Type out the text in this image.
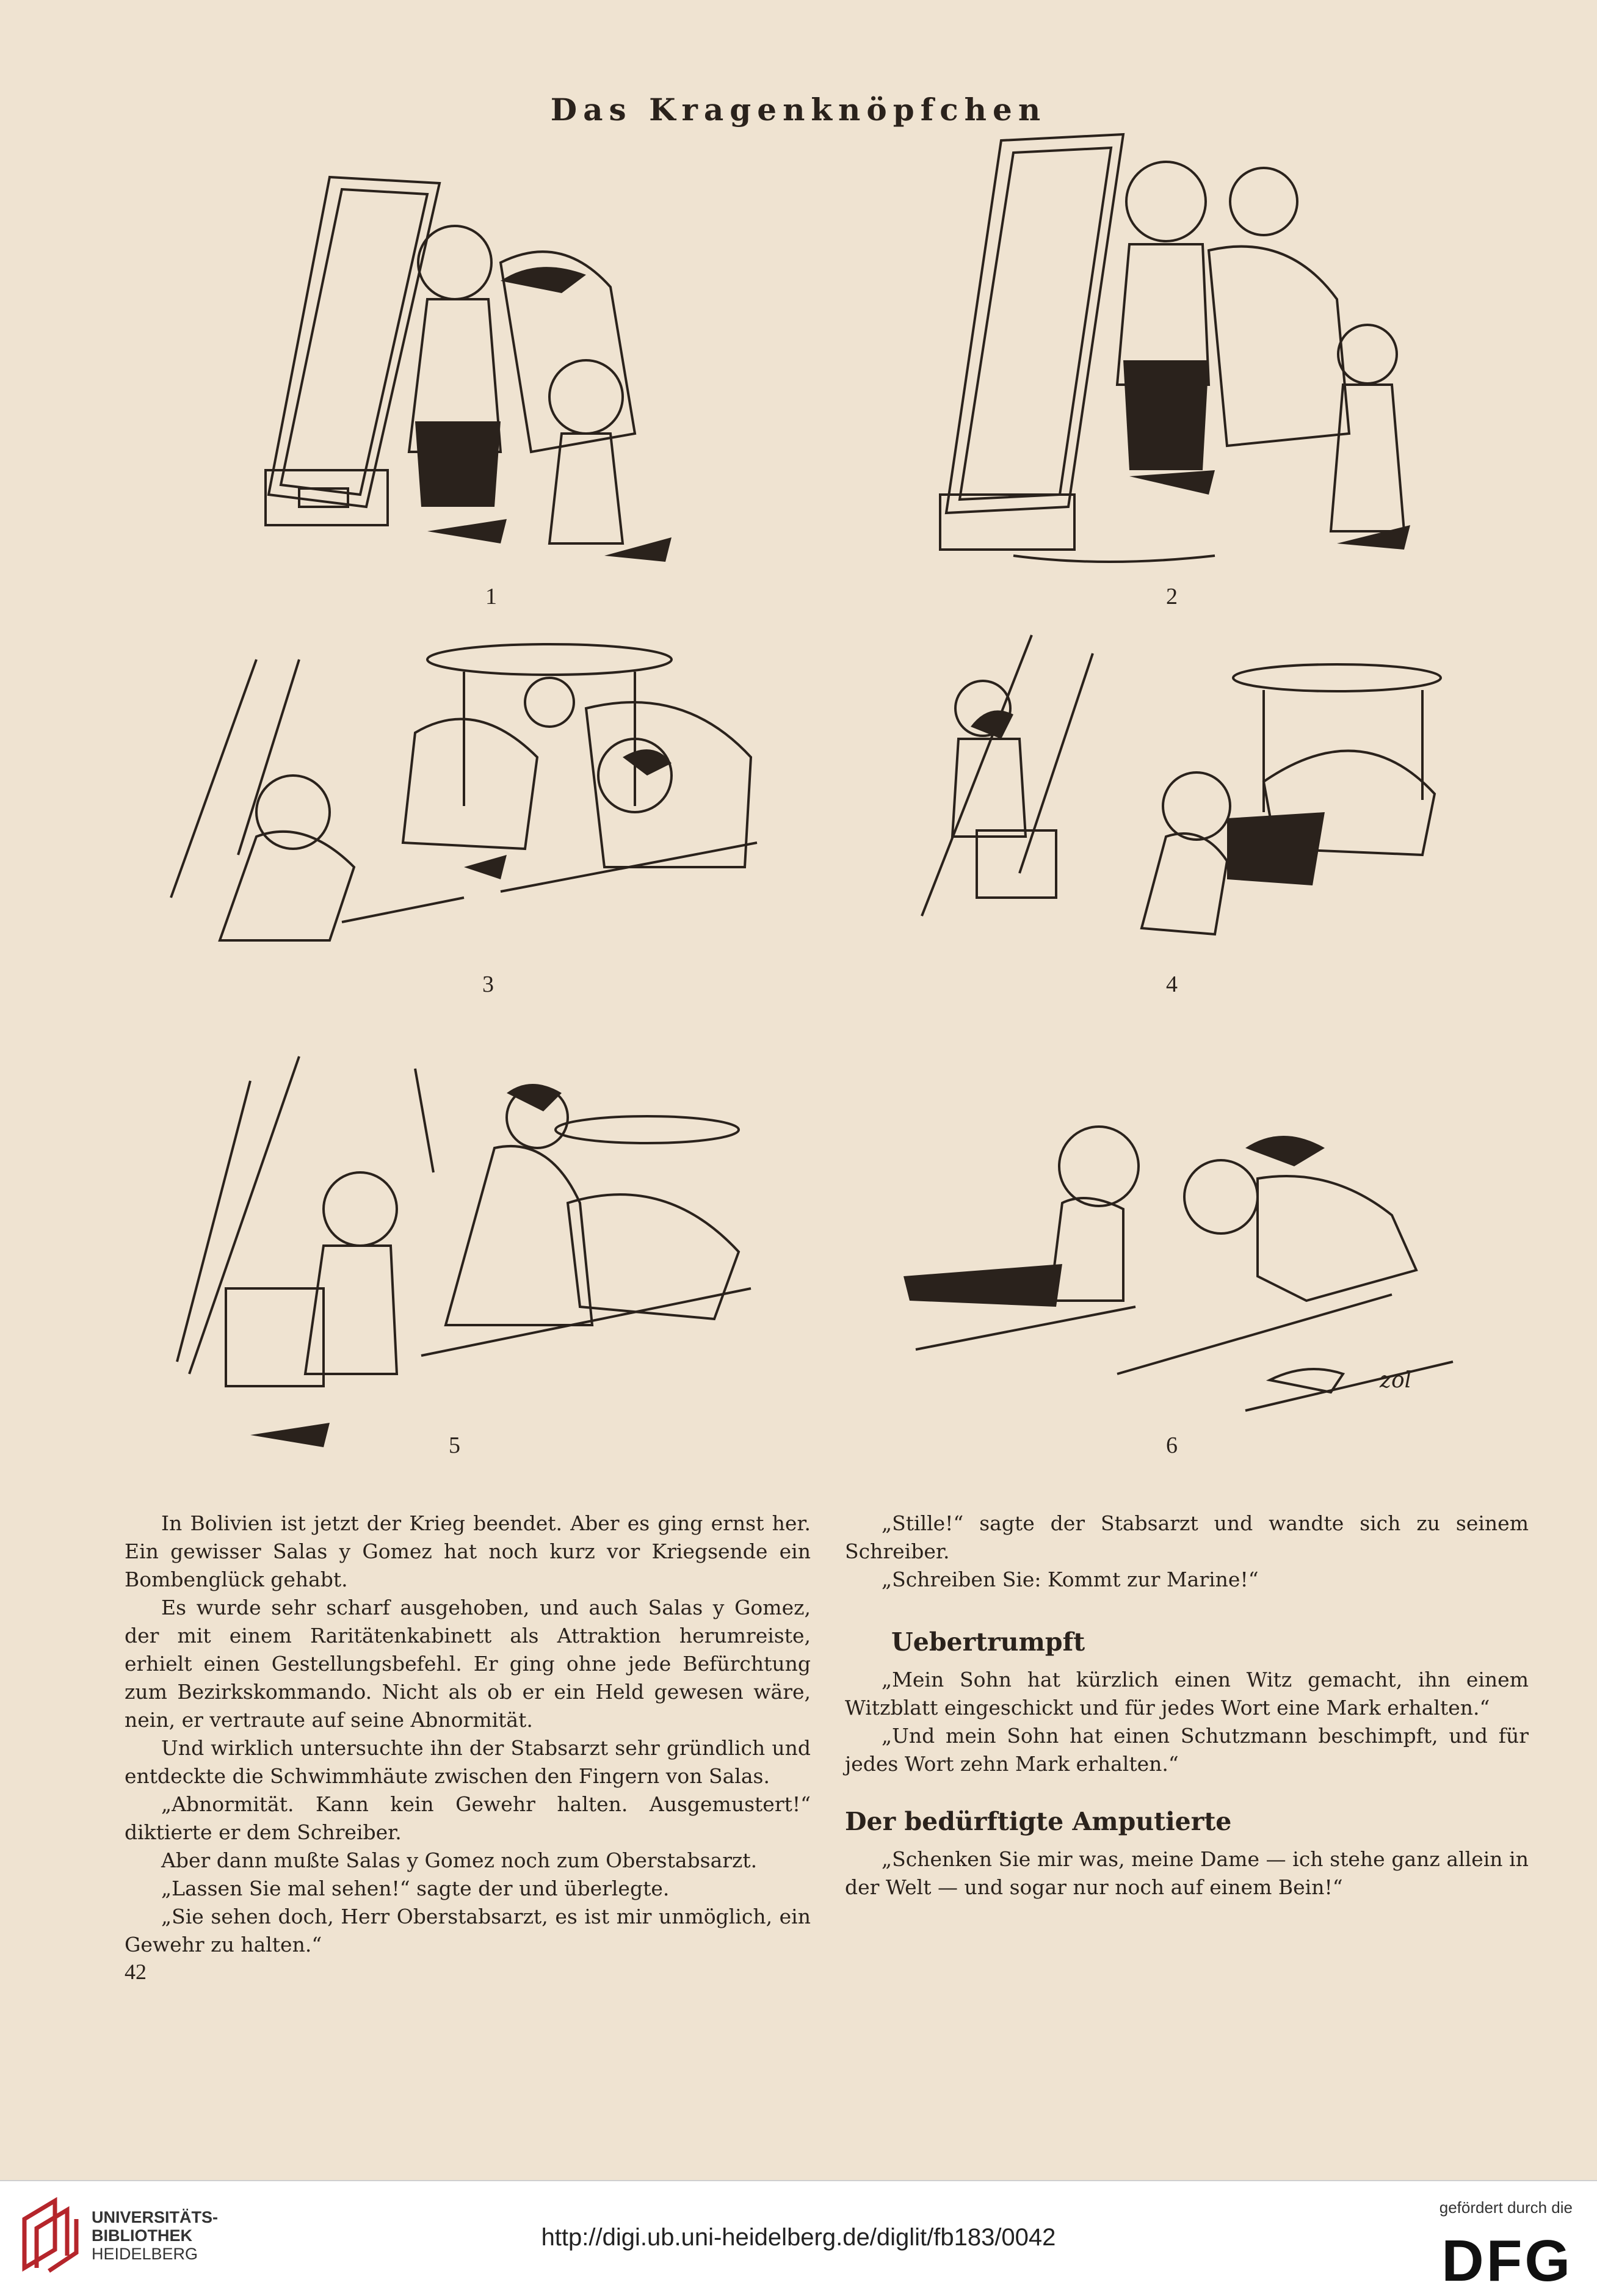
Das Kragenknöpfchen
1	2
3	4
5
zol
6

In Bolivien ist jetzt der Krieg beendet. Aber es ging ernst her. Ein gewisser Salas y Gomez hat noch kurz vor Kriegsende ein Bombenglück gehabt.

Es wurde sehr scharf ausgehoben, und auch Salas y Gomez, der mit einem Raritätenkabinett als Attraktion herumreiste, erhielt einen Gestellungsbefehl. Er ging ohne jede Befürchtung zum Bezirkskommando. Nicht als ob er ein Held gewesen wäre, nein, er vertraute auf seine Abnormität.

Und wirklich untersuchte ihn der Stabsarzt sehr gründlich und entdeckte die Schwimmhäute zwischen den Fingern von Salas.

„Abnormität. Kann kein Gewehr halten. Ausgemustert!“ diktierte er dem Schreiber.

Aber dann mußte Salas y Gomez noch zum Oberstabsarzt.

„Lassen Sie mal sehen!“ sagte der und überlegte.

„Sie sehen doch, Herr Oberstabsarzt, es ist mir unmöglich, ein Gewehr zu halten.“

„Stille!“ sagte der Stabsarzt und wandte sich zu seinem Schreiber.

„Schreiben Sie: Kommt zur Marine!“

Uebertrumpft

„Mein Sohn hat kürzlich einen Witz gemacht, ihn einem Witzblatt eingeschickt und für jedes Wort eine Mark erhalten.“

„Und mein Sohn hat einen Schutzmann beschimpft, und für jedes Wort zehn Mark erhalten.“

Der bedürftigte Amputierte

„Schenken Sie mir was, meine Dame — ich stehe ganz allein in der Welt — und sogar nur noch auf einem Bein!“

42
UNIVERSITÄTS-
BIBLIOTHEK
HEIDELBERG
http://digi.ub.uni-heidelberg.de/diglit/fb183/0042
gefördert durch die
DFG
